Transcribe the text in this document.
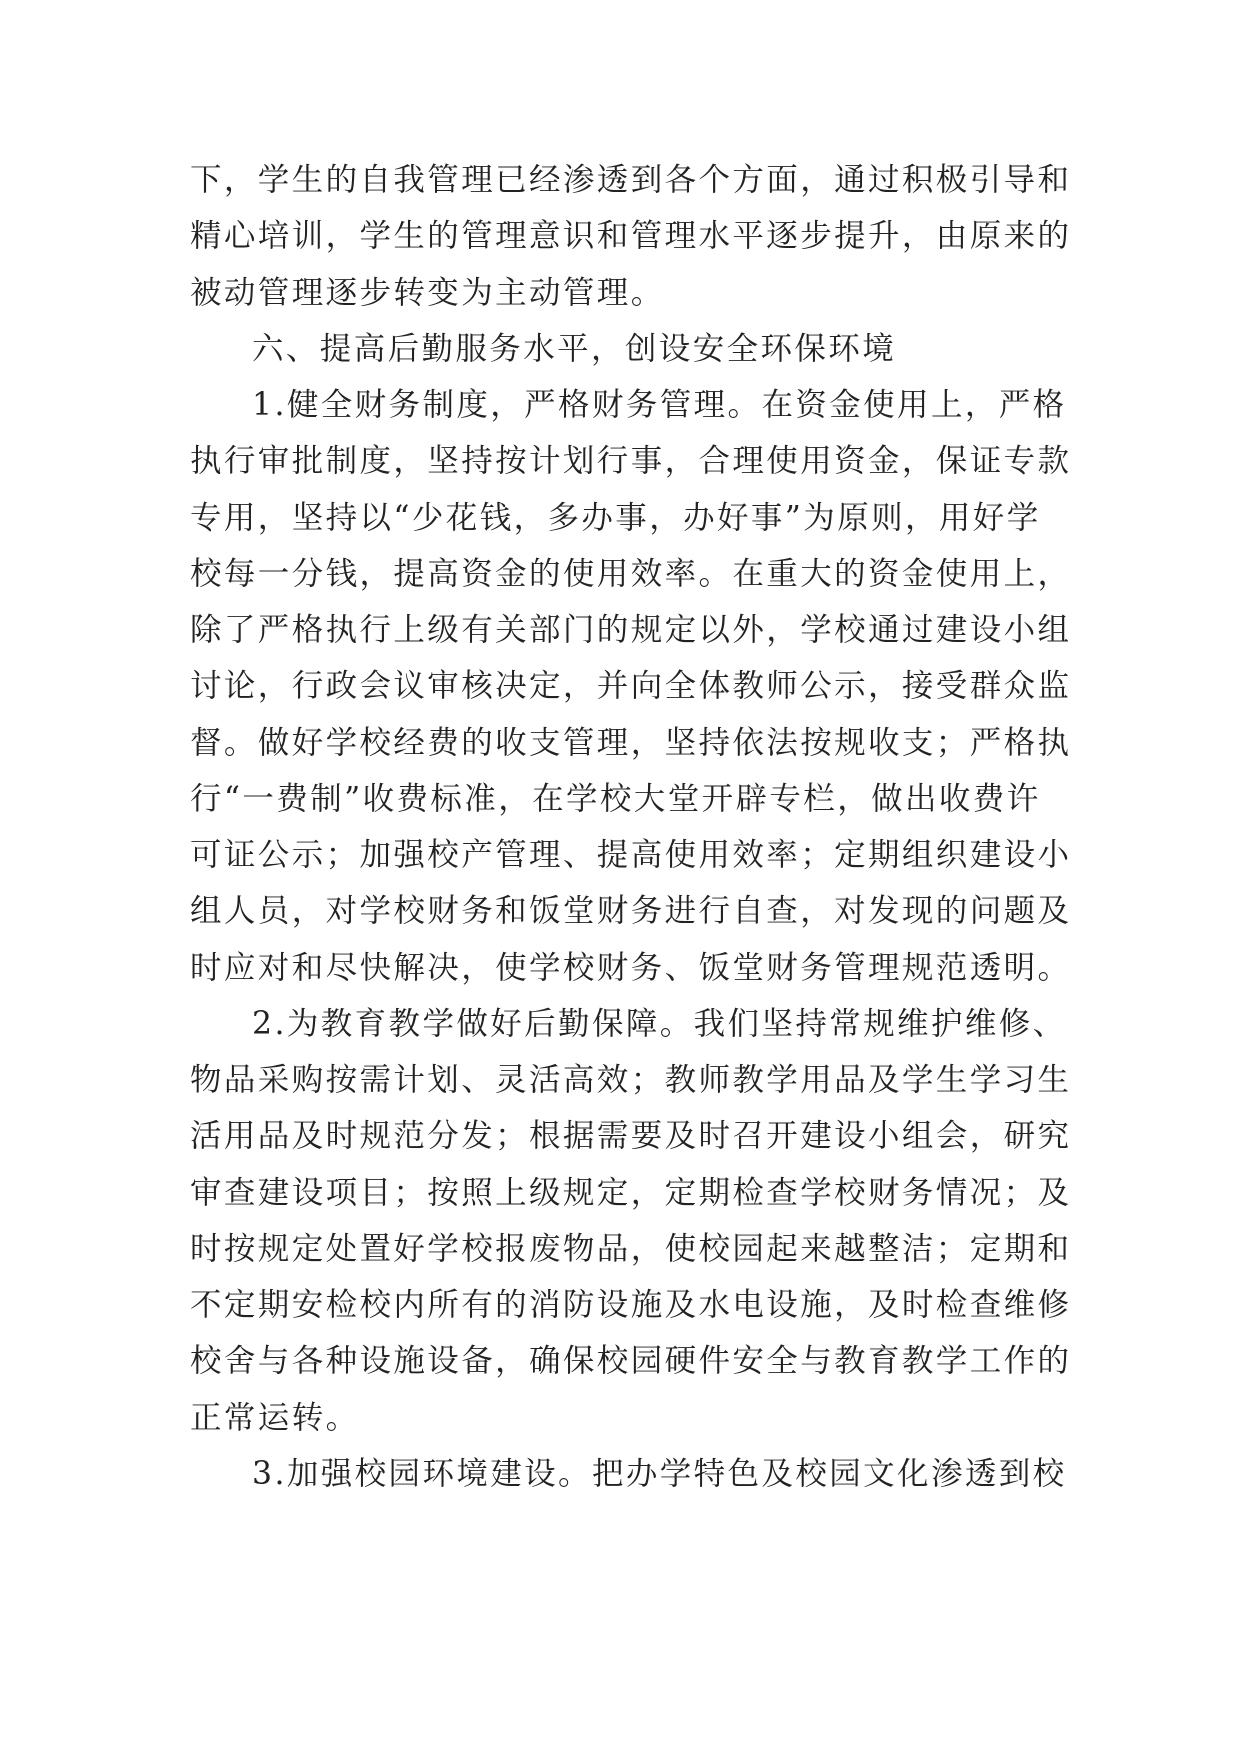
下，学生的自我管理已经渗透到各个方面，通过积极引导和
精心培训，学生的管理意识和管理水平逐步提升，由原来的
被动管理逐步转变为主动管理。
六、提高后勤服务水平，创设安全环保环境
1.健全财务制度，严格财务管理。在资金使用上，严格
执行审批制度，坚持按计划行事，合理使用资金，保证专款
专用，坚持以“少花钱，多办事，办好事”为原则，用好学
校每一分钱，提高资金的使用效率。在重大的资金使用上，
除了严格执行上级有关部门的规定以外，学校通过建设小组
讨论，行政会议审核决定，并向全体教师公示，接受群众监
督。做好学校经费的收支管理，坚持依法按规收支；严格执
行“一费制”收费标准，在学校大堂开辟专栏，做出收费许
可证公示；加强校产管理、提高使用效率；定期组织建设小
组人员，对学校财务和饭堂财务进行自查，对发现的问题及
时应对和尽快解决，使学校财务、饭堂财务管理规范透明。
2.为教育教学做好后勤保障。我们坚持常规维护维修、
物品采购按需计划、灵活高效；教师教学用品及学生学习生
活用品及时规范分发；根据需要及时召开建设小组会，研究
审查建设项目；按照上级规定，定期检查学校财务情况；及
时按规定处置好学校报废物品，使校园起来越整洁；定期和
不定期安检校内所有的消防设施及水电设施，及时检查维修
校舍与各种设施设备，确保校园硬件安全与教育教学工作的
正常运转。
3.加强校园环境建设。把办学特色及校园文化渗透到校
